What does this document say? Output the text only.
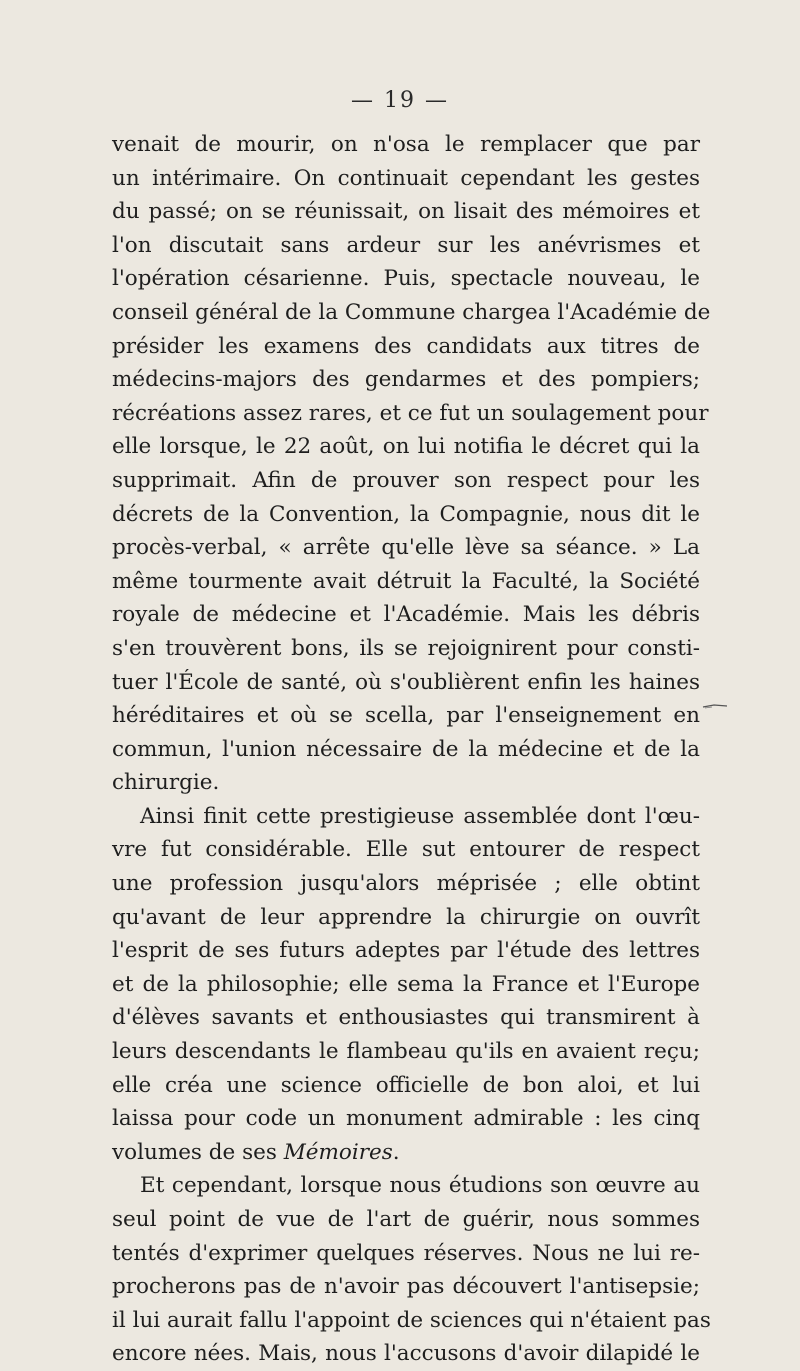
— 19 —
venait de mourir, on n'osa le remplacer que par
un intérimaire. On continuait cependant les gestes
du passé; on se réunissait, on lisait des mémoires et
l'on discutait sans ardeur sur les anévrismes et
l'opération césarienne. Puis, spectacle nouveau, le
conseil général de la Commune chargea l'Académie de
présider les examens des candidats aux titres de
médecins-majors des gendarmes et des pompiers;
récréations assez rares, et ce fut un soulagement pour
elle lorsque, le 22 août, on lui notifia le décret qui la
supprimait. Afin de prouver son respect pour les
décrets de la Convention, la Compagnie, nous dit le
procès-verbal, « arrête qu'elle lève sa séance. » La
même tourmente avait détruit la Faculté, la Société
royale de médecine et l'Académie. Mais les débris
s'en trouvèrent bons, ils se rejoignirent pour consti-
tuer l'École de santé, où s'oublièrent enfin les haines
héréditaires et où se scella, par l'enseignement en
commun, l'union nécessaire de la médecine et de la
chirurgie.
Ainsi finit cette prestigieuse assemblée dont l'œu-
vre fut considérable. Elle sut entourer de respect
une profession jusqu'alors méprisée ; elle obtint
qu'avant de leur apprendre la chirurgie on ouvrît
l'esprit de ses futurs adeptes par l'étude des lettres
et de la philosophie; elle sema la France et l'Europe
d'élèves savants et enthousiastes qui transmirent à
leurs descendants le flambeau qu'ils en avaient reçu;
elle créa une science officielle de bon aloi, et lui
laissa pour code un monument admirable : les cinq
volumes de ses Mémoires.
Et cependant, lorsque nous étudions son œuvre au
seul point de vue de l'art de guérir, nous sommes
tentés d'exprimer quelques réserves. Nous ne lui re-
procherons pas de n'avoir pas découvert l'antisepsie;
il lui aurait fallu l'appoint de sciences qui n'étaient pas
encore nées. Mais, nous l'accusons d'avoir dilapidé le
